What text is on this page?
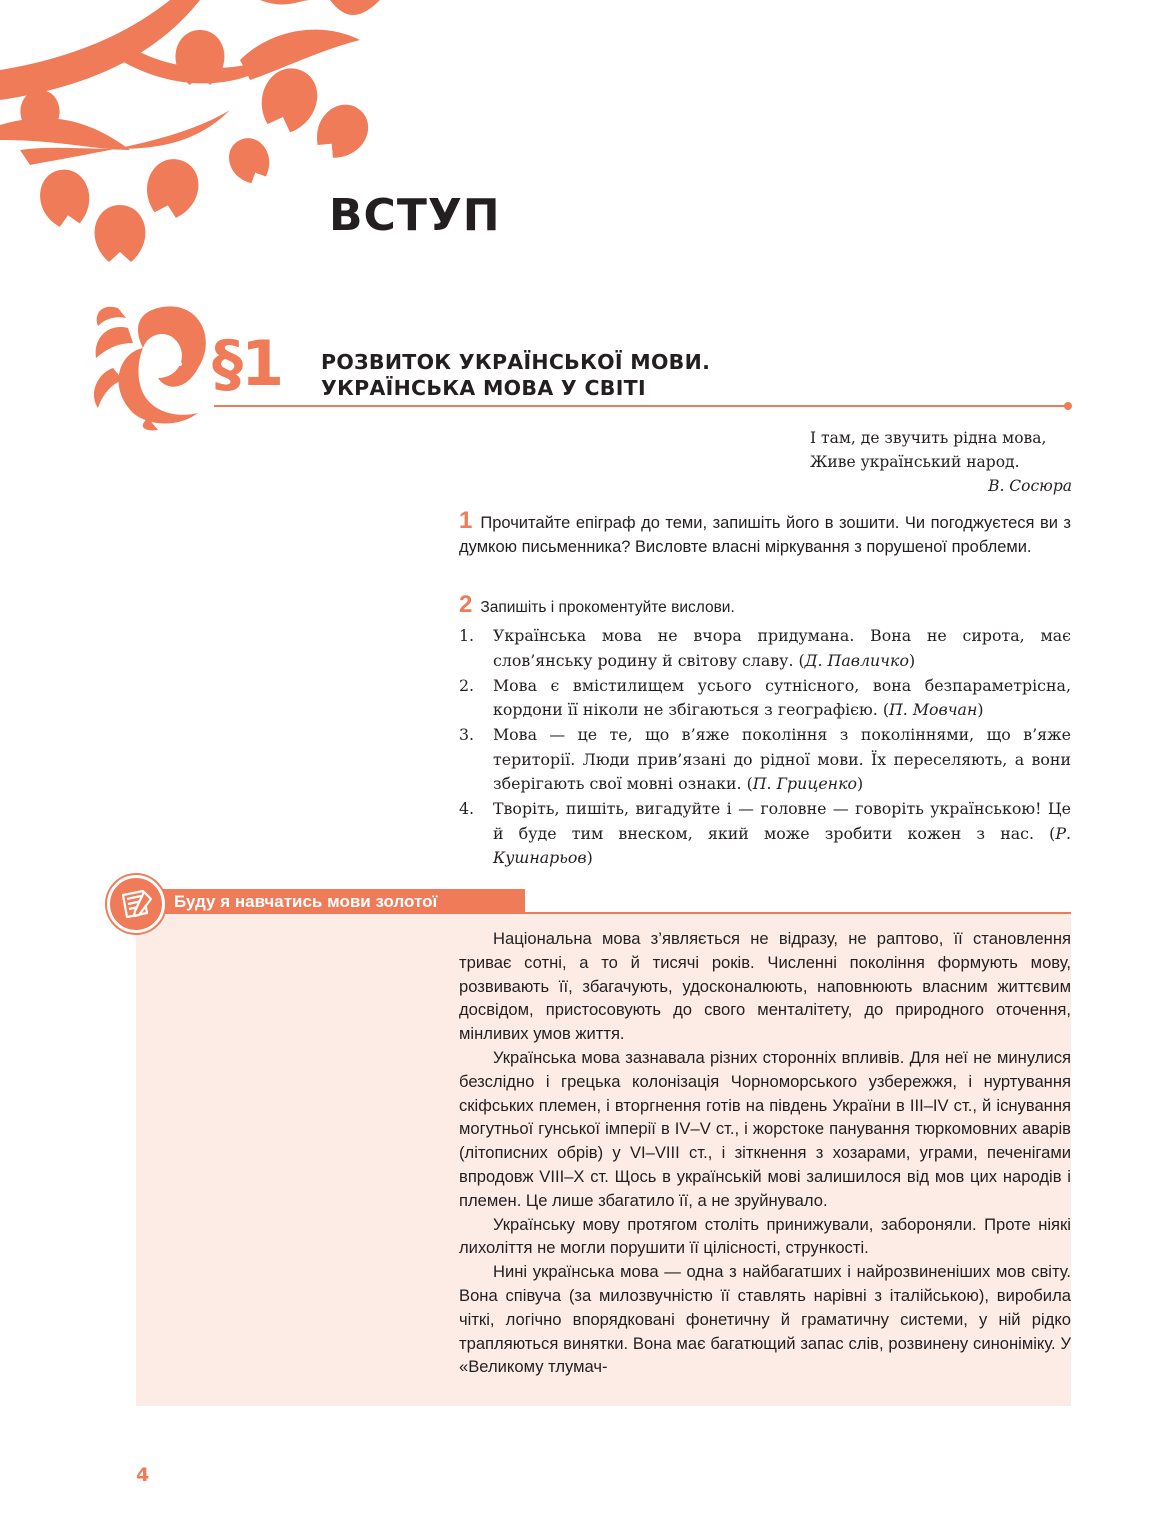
ВСТУП
§1 РОЗВИТОК УКРАЇНСЬКОЇ МОВИ.
УКРАЇНСЬКА МОВА У СВІТІ
І там, де звучить рідна мова,
Живе український народ.
В. Сосюра
1 Прочитайте епіграф до теми, запишіть його в зошити. Чи погоджуєтеся ви з думкою письменника? Висловте власні міркування з порушеної проблеми.
2 Запишіть і прокоментуйте вислови.
1.	Українська мова не вчора придумана. Вона не сирота, має слов’янську родину й світову славу. (Д. Павличко)
2.	Мова є вмістилищем усього сутнісного, вона безпараметрісна, кордони її ніколи не збігаються з географією. (П. Мовчан)
3.	Мова — це те, що в’яже покоління з поколіннями, що в’яже території. Люди прив’язані до рідної мови. Їх переселяють, а вони зберігають свої мовні ознаки. (П. Гриценко)
4.	Творіть, пишіть, вигадуйте і — головне — говоріть українською! Це й буде тим внеском, який може зробити кожен з нас. (Р. Кушнарьов)
Буду я навчатись мови золотої

Національна мова з’являється не відразу, не раптово, її становлення триває сотні, а то й тисячі років. Численні покоління формують мову, розвивають її, збагачують, удосконалюють, наповнюють власним життєвим досвідом, пристосовують до свого менталітету, до природного оточення, мінливих умов життя.

Українська мова зазнавала різних сторонніх впливів. Для неї не минулися безслідно і грецька колонізація Чорноморського узбережжя, і нуртування скіфських племен, і вторгнення готів на південь України в III–IV ст., й існування могутньої гунської імперії в IV–V ст., і жорстоке панування тюркомовних аварів (літописних обрів) у VI–VIII ст., і зіткнення з хозарами, уграми, печенігами впродовж VIII–X ст. Щось в українській мові залишилося від мов цих народів і племен. Це лише збагатило її, а не зруйнувало.

Українську мову протягом століть принижували, забороняли. Проте ніякі лихоліття не могли порушити її цілісності, стрункості.

Нині українська мова — одна з найбагатших і найрозвиненіших мов світу. Вона співуча (за милозвучністю її ставлять нарівні з італійською), виробила чіткі, логічно впорядковані фонетичну й граматичну системи, у ній рідко трапляються винятки. Вона має багатющий запас слів, розвинену синоніміку. У «Великому тлумач-

4
